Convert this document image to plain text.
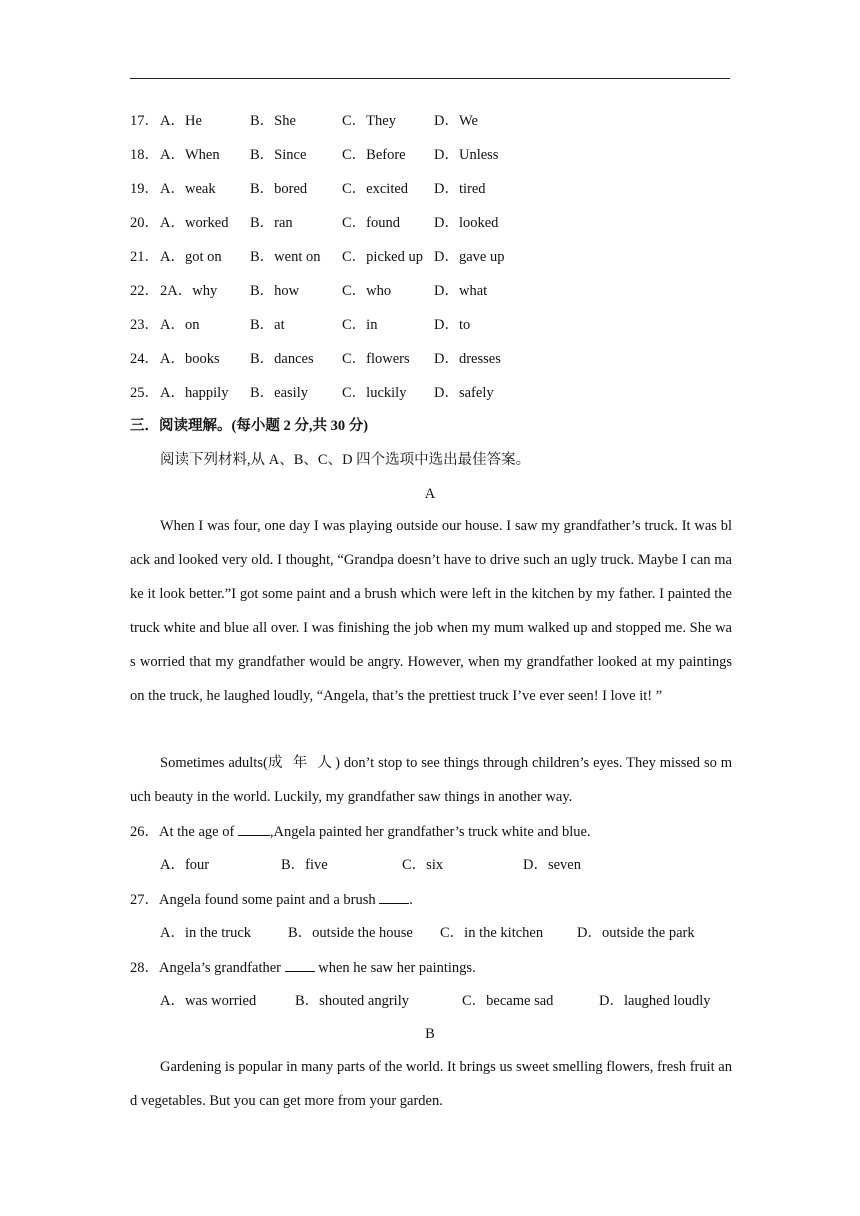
17． A．He	B．She	C．They	D．We
18． A．When B．Since C．Before D．Unless
19． A．weak B．bored C．excited D．tired
20． A．worked B．ran	C．found D．looked
21． A．got on B．went on C．picked up D．gave up
22． 2A．why B．how	C．who	D．what
23． A．on	B．at	C．in	D．to
24． A．books B．dances C．flowers D．dresses
25． A．happily B．easily C．luckily D．safely
三．阅读理解。(每小题 2 分,共 30 分)
阅读下列材料,从 A、B、C、D 四个选项中选出最佳答案。
A
When I was four, one day I was playing outside our house. I saw my grandfather’s truck. It was black and looked very old. I thought, “Grandpa doesn’t have to drive such an ugly truck. Maybe I can make it look better.”I got some paint and a brush which were left in the kitchen by my father. I painted the truck white and blue all over. I was finishing the job when my mum walked up and stopped me. She was worried that my grandfather would be angry. However, when my grandfather looked at my paintings on the truck, he laughed loudly, “Angela, that’s the prettiest truck I’ve ever seen! I love it! ”
Sometimes adults(成 年 人) don’t stop to see things through children’s eyes. They missed so much beauty in the world. Luckily, my grandfather saw things in another way.
26．At the age of ,Angela painted her grandfather’s truck white and blue.
A．four	B．five	C．six	D．seven
27．Angela found some paint and a brush .
A．in the truck	B．outside the house C．in the kitchen D．outside the park
28．Angela’s grandfather  when he saw her paintings.
A．was worried	B．shouted angrily	C．became sad	D．laughed loudly
B
Gardening is popular in many parts of the world. It brings us sweet smelling flowers, fresh fruit and vegetables. But you can get more from your garden.
